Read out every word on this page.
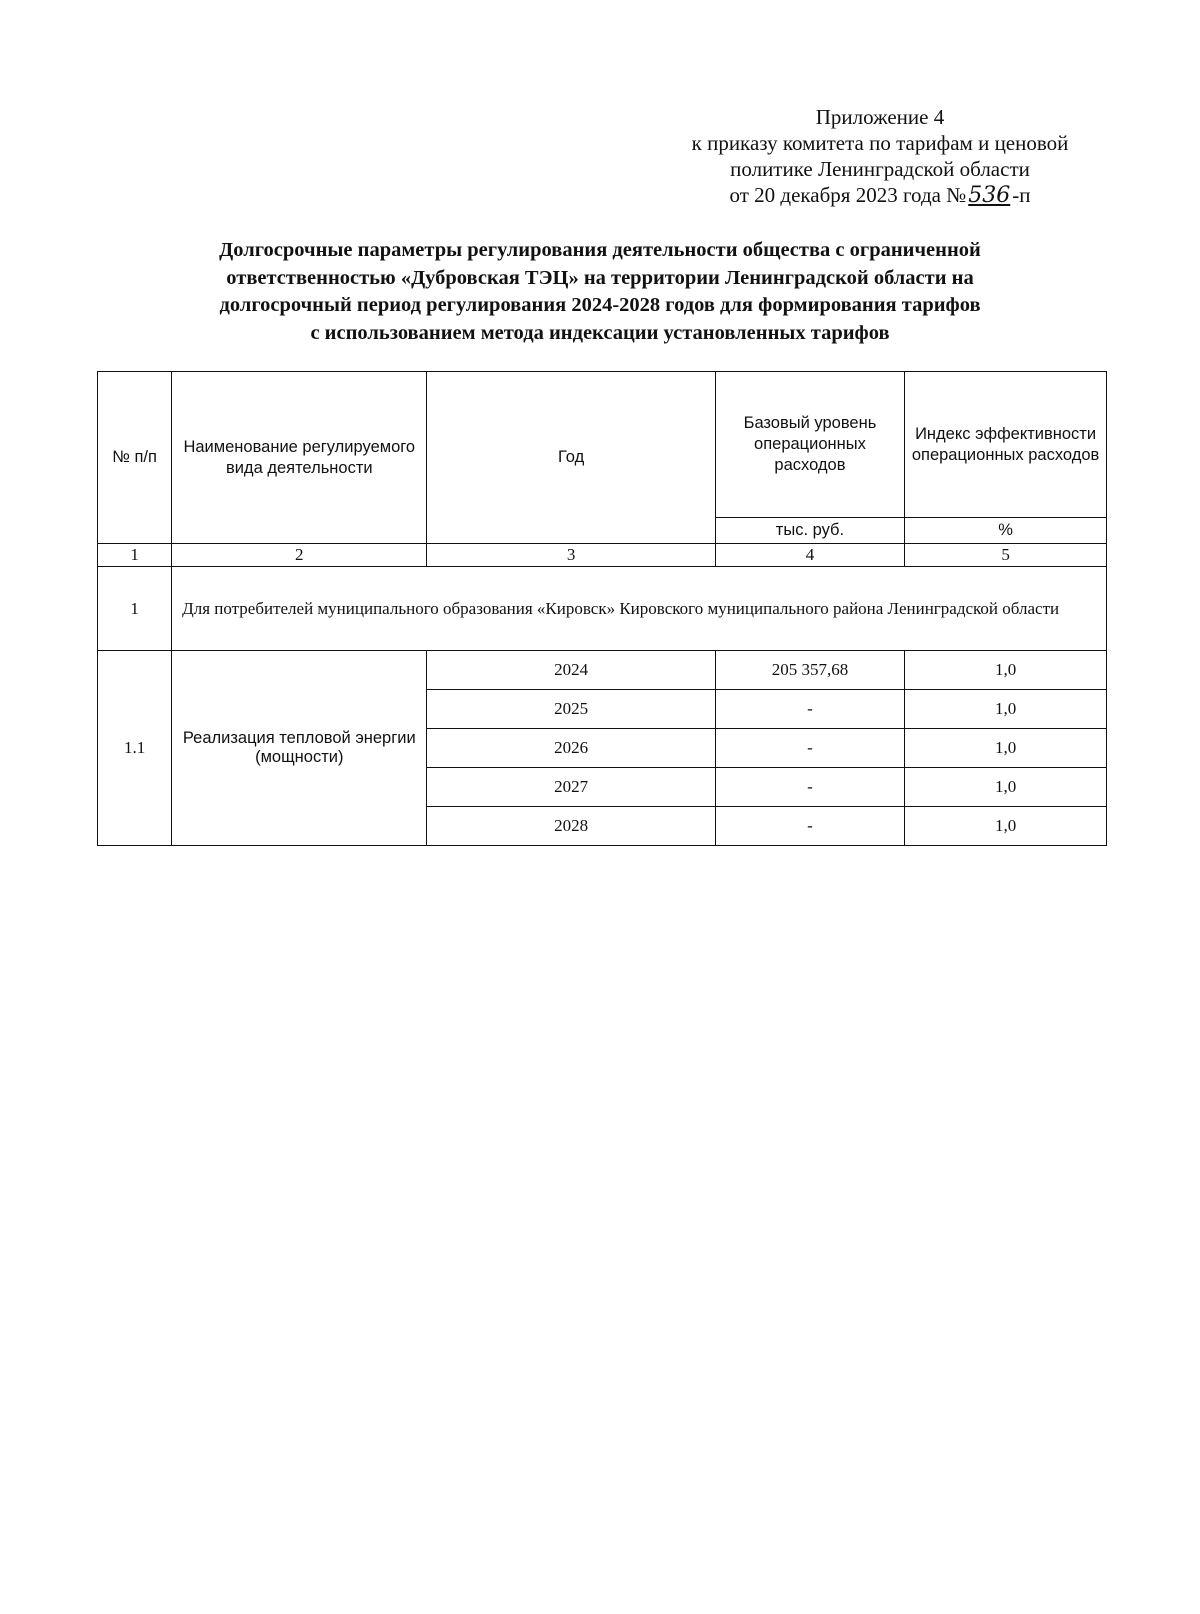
Приложение 4
к приказу комитета по тарифам и ценовой
политике Ленинградской области
от 20 декабря 2023 года №536-п
Долгосрочные параметры регулирования деятельности общества с ограниченной
ответственностью «Дубровская ТЭЦ» на территории Ленинградской области на
долгосрочный период регулирования 2024-2028 годов для формирования тарифов
с использованием метода индексации установленных тарифов
№ п/п	Наименование регулируемого вида деятельности	Год	Базовый уровень операционных расходов	Индекс эффективности операционных расходов
			тыс. руб.	%
1	2	3	4	5
1	Для потребителей муниципального образования «Кировск» Кировского муниципального района Ленинградской области			
1.1	Реализация тепловой энергии (мощности)	2024	205 357,68	1,0
		2025	-	1,0
		2026	-	1,0
		2027	-	1,0
		2028	-	1,0
